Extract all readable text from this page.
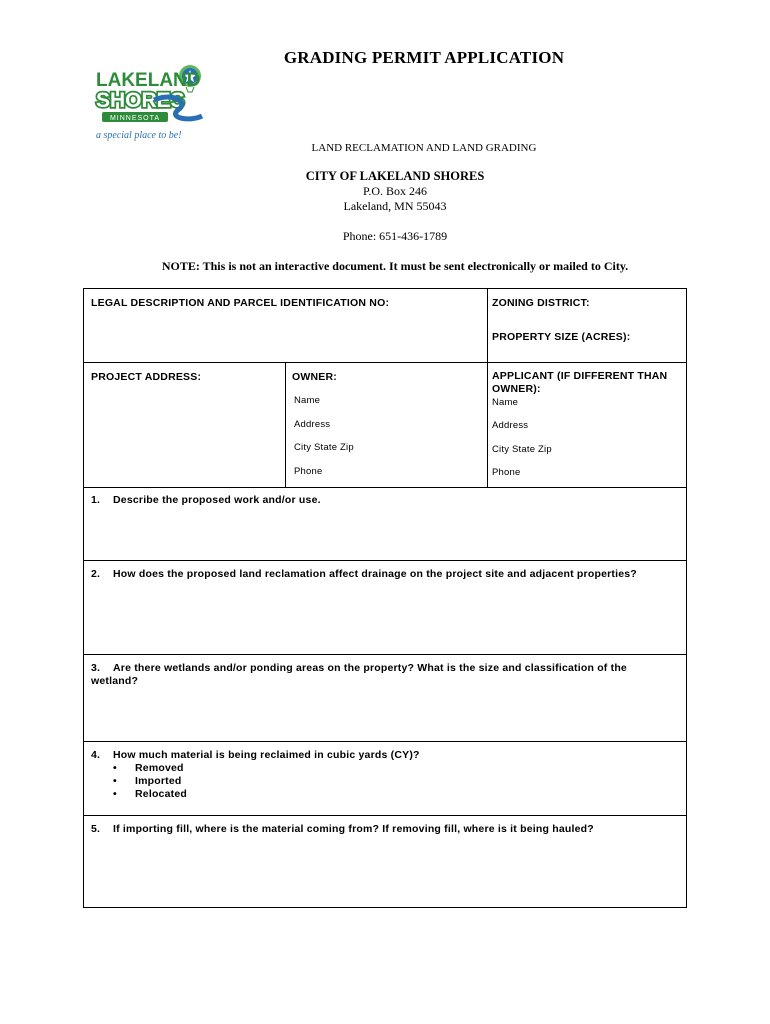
LAKELAND
SHORES
MINNESOTA
a special place to be!
GRADING PERMIT APPLICATION
LAND RECLAMATION AND LAND GRADING
CITY OF LAKELAND SHORES
P.O. Box 246
Lakeland, MN 55043
Phone: 651-436-1789
NOTE: This is not an interactive document. It must be sent electronically or mailed to City.
LEGAL DESCRIPTION AND PARCEL IDENTIFICATION NO:	ZONING DISTRICT:
PROPERTY SIZE (ACRES):
PROJECT ADDRESS:	OWNER:
Name
Address
City State Zip
Phone
APPLICANT (IF DIFFERENT THAN OWNER):
Name
Address
City State Zip
Phone
1. Describe the proposed work and/or use.
2. How does the proposed land reclamation affect drainage on the project site and adjacent properties?
3. Are there wetlands and/or ponding areas on the property? What is the size and classification of the wetland?
4. How much material is being reclaimed in cubic yards (CY)?
• Removed
• Imported
• Relocated
5. If importing fill, where is the material coming from? If removing fill, where is it being hauled?
